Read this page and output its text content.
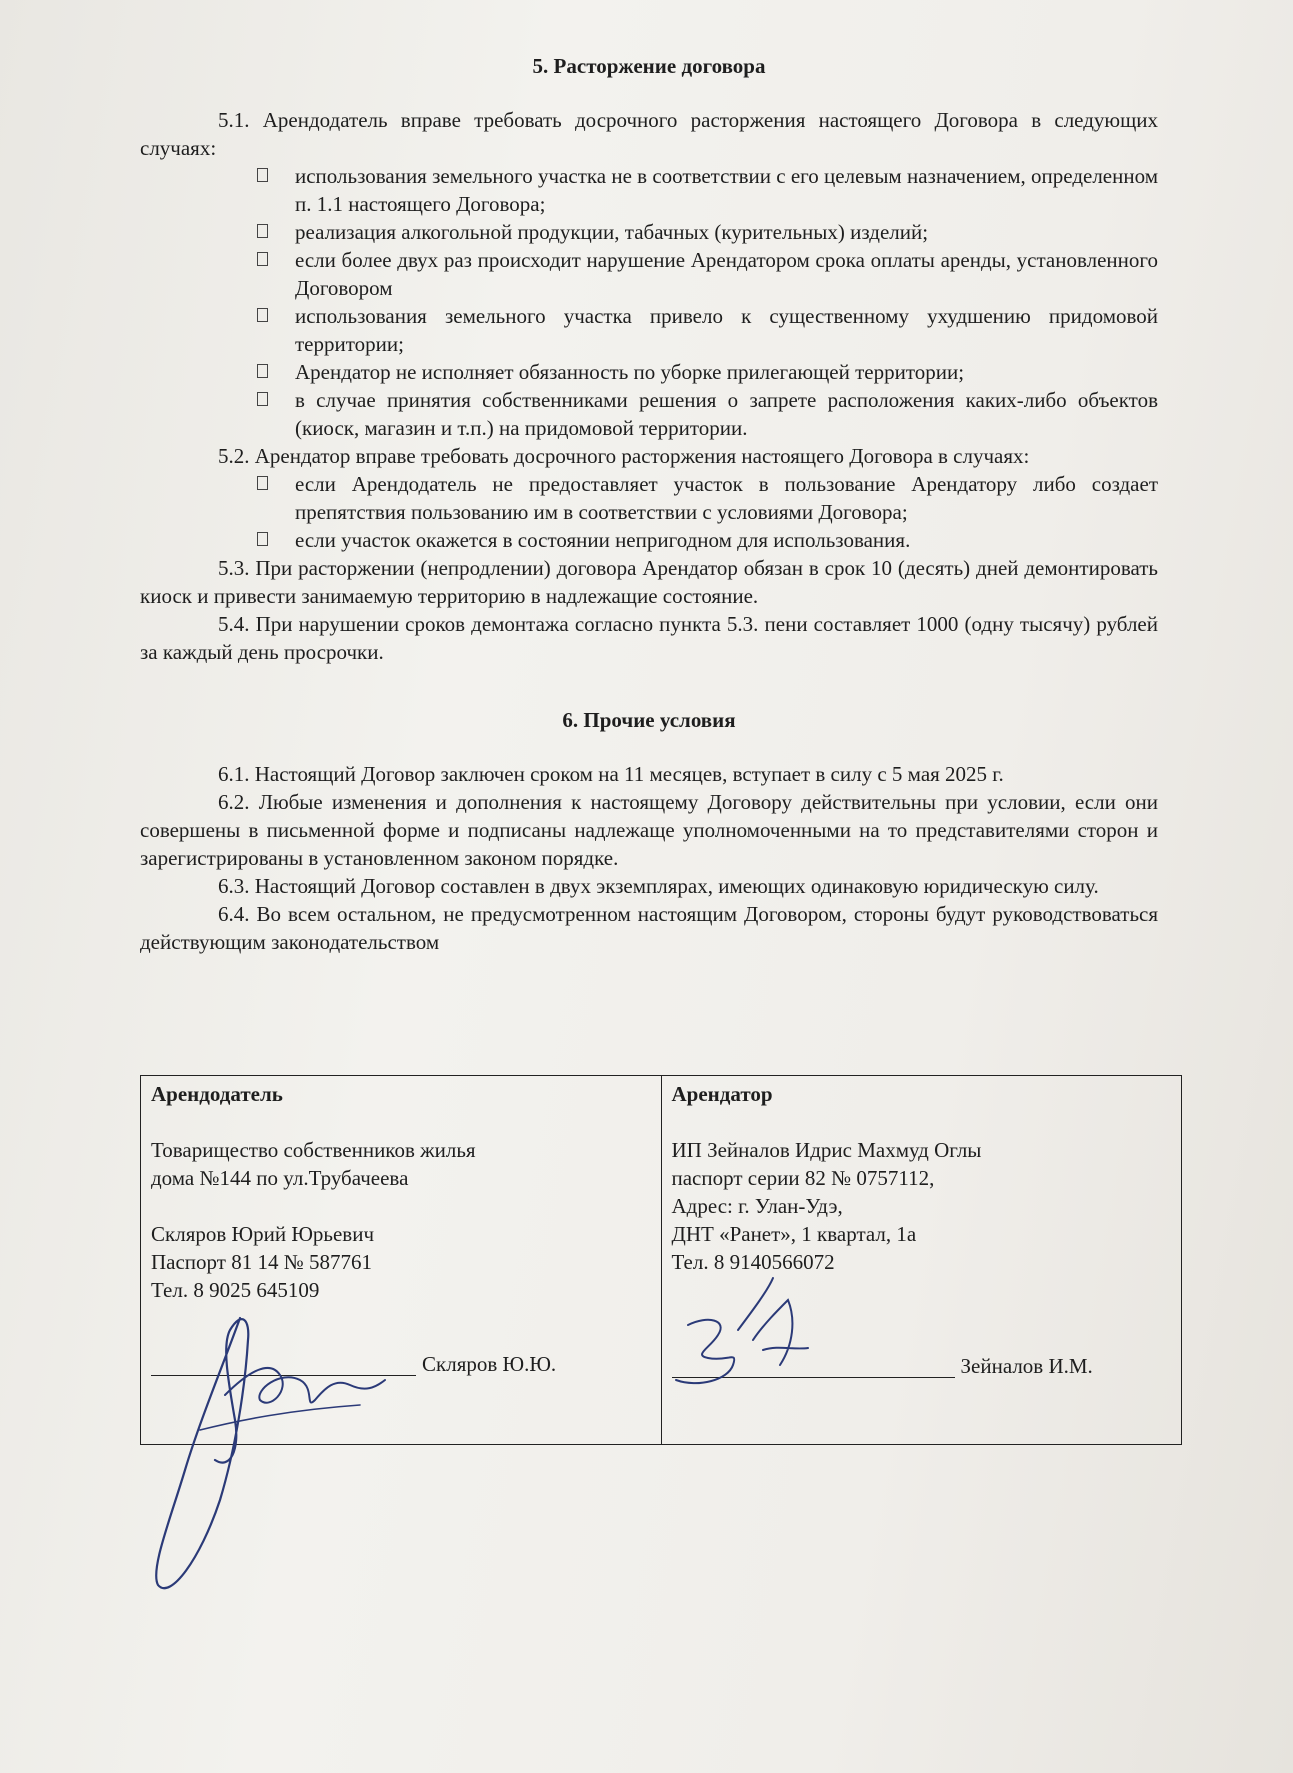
5. Расторжение договора

5.1. Арендодатель вправе требовать досрочного расторжения настоящего Договора в следующих случаях:

использования земельного участка не в соответствии с его целевым назначением, определенном п. 1.1 настоящего Договора;
реализация алкогольной продукции, табачных (курительных) изделий;
если более двух раз происходит нарушение Арендатором срока оплаты аренды, установленного Договором
использования земельного участка привело к существенному ухудшению придомовой территории;
Арендатор не исполняет обязанность по уборке прилегающей территории;
в случае принятия собственниками решения о запрете расположения каких-либо объектов (киоск, магазин и т.п.) на придомовой территории.

5.2. Арендатор вправе требовать досрочного расторжения настоящего Договора в случаях:

если Арендодатель не предоставляет участок в пользование Арендатору либо создает препятствия пользованию им в соответствии с условиями Договора;
если участок окажется в состоянии непригодном для использования.

5.3. При расторжении (непродлении) договора Арендатор обязан в срок 10 (десять) дней демонтировать киоск и привести занимаемую территорию в надлежащие состояние.

5.4. При нарушении сроков демонтажа согласно пункта 5.3. пени составляет 1000 (одну тысячу) рублей за каждый день просрочки.

6. Прочие условия

6.1. Настоящий Договор заключен сроком на 11 месяцев, вступает в силу с 5 мая 2025 г.

6.2. Любые изменения и дополнения к настоящему Договору действительны при условии, если они совершены в письменной форме и подписаны надлежаще уполномоченными на то представителями сторон и зарегистрированы в установленном законом порядке.

6.3. Настоящий Договор составлен в двух экземплярах, имеющих одинаковую юридическую силу.

6.4. Во всем остальном, не предусмотренном настоящим Договором, стороны будут руководствоваться действующим законодательством

Арендодатель
Товарищество собственников жилья
дома №144 по ул.Трубачеева
Скляров Юрий Юрьевич
Паспорт 81 14 № 587761
Тел. 8 9025 645109
Скляров Ю.Ю.

Арендатор
ИП Зейналов Идрис Махмуд Оглы
паспорт серии 82 № 0757112,
Адрес: г. Улан-Удэ,
ДНТ «Ранет», 1 квартал, 1а
Тел. 8 9140566072
Зейналов И.М.
